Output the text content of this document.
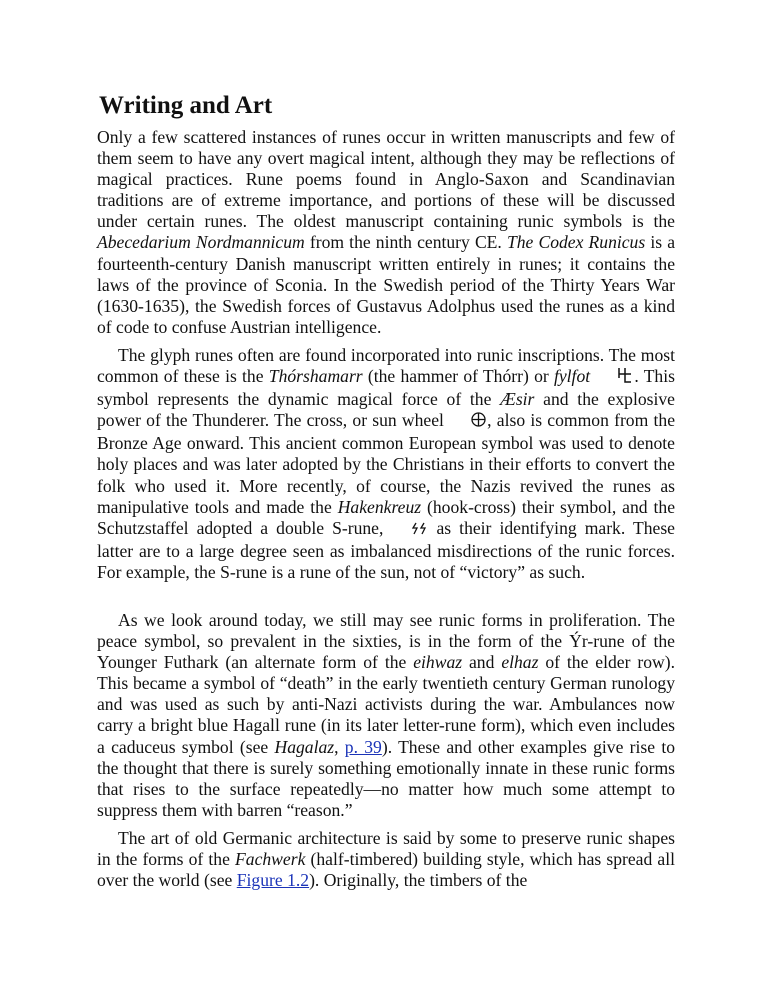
Writing and Art

Only a few scattered instances of runes occur in written manuscripts and few of them seem to have any overt magical intent, although they may be reflections of magical practices. Rune poems found in Anglo-Saxon and Scandinavian traditions are of extreme importance, and portions of these will be discussed under certain runes. The oldest manuscript containing runic symbols is the Abecedarium Nordmannicum from the ninth century CE. The Codex Runicus is a fourteenth-century Danish manuscript written entirely in runes; it contains the laws of the province of Sconia. In the Swedish period of the Thirty Years War (1630-1635), the Swedish forces of Gustavus Adolphus used the runes as a kind of code to confuse Austrian intelligence.

The glyph runes often are found incorporated into runic inscriptions. The most common of these is the Thórshamarr (the hammer of Thórr) or fylfot	. This symbol represents the dynamic magical force of the Æsir and the explosive power of the Thunderer. The cross, or sun wheel , also is common from the Bronze Age onward. This ancient common European symbol was used to denote holy places and was later adopted by the Christians in their efforts to convert the folk who used it. More recently, of course, the Nazis revived the runes as manipulative tools and made the Hakenkreuz (hook-cross) their symbol, and the Schutzstaffel adopted a double S-rune,  as their identifying mark. These latter are to a large degree seen as imbalanced misdirections of the runic forces. For example, the S-rune is a rune of the sun, not of “victory” as such.

As we look around today, we still may see runic forms in proliferation. The peace symbol, so prevalent in the sixties, is in the form of the Ýr-rune of the Younger Futhark (an alternate form of the eihwaz and elhaz of the elder row). This became a symbol of “death” in the early twentieth century German runology and was used as such by anti-Nazi activists during the war. Ambulances now carry a bright blue Hagall rune (in its later letter-rune form), which even includes a caduceus symbol (see Hagalaz, p. 39). These and other examples give rise to the thought that there is surely something emotionally innate in these runic forms that rises to the surface repeatedly—no matter how much some attempt to suppress them with barren “reason.”

The art of old Germanic architecture is said by some to preserve runic shapes in the forms of the Fachwerk (half-timbered) building style, which has spread all over the world (see Figure 1.2). Originally, the timbers of the
